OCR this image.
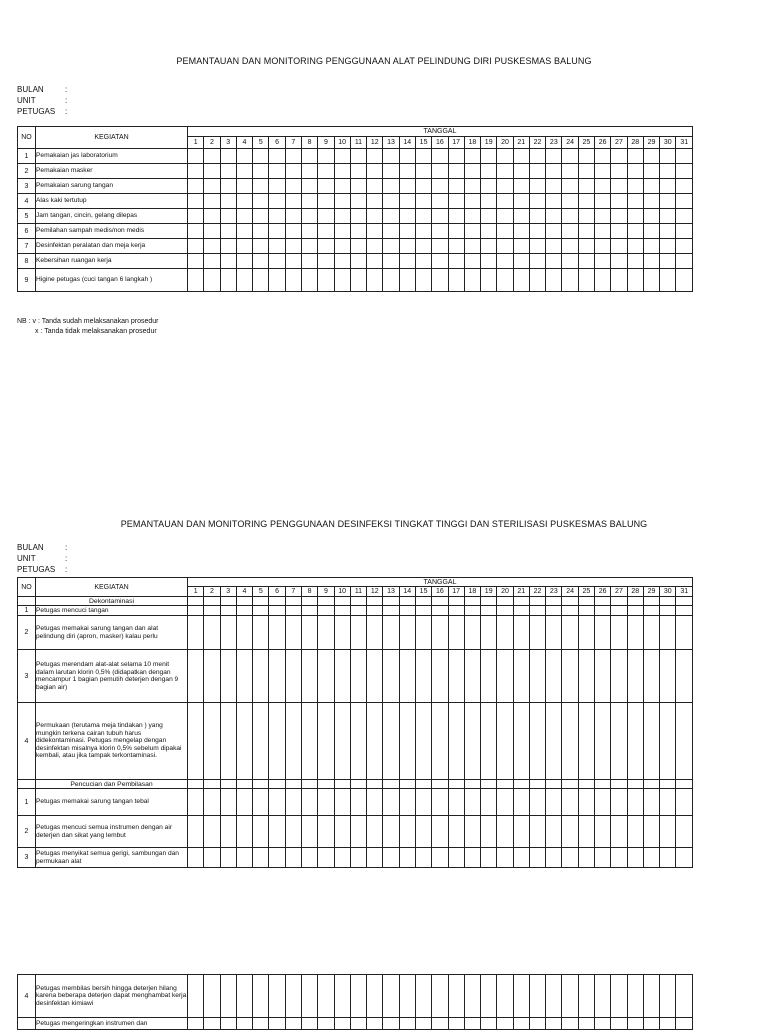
PEMANTAUAN DAN MONITORING PENGGUNAAN ALAT PELINDUNG DIRI PUSKESMAS BALUNG
BULAN	:
UNIT	:
PETUGAS	:
NO	KEGIATAN	TANGGAL																														
		1	2	3	4	5	6	7	8	9	10	11	12	13	14	15	16	17	18	19	20	21	22	23	24	25	26	27	28	29	30	31
1	Pemakaian jas laboratorium																															
2	Pemakaian masker																															
3	Pemakaian sarung tangan																															
4	Alas kaki tertutup																															
5	Jam tangan, cincin, gelang dilepas																															
6	Pemilahan sampah medis/non medis																															
7	Desinfektan peralatan dan meja kerja																															
8	Kebersihan ruangan kerja																															
9	Higine petugas (cuci tangan 6 langkah )																															
NB : v : Tanda sudah melaksanakan prosedur
x : Tanda tidak melaksanakan prosedur
PEMANTAUAN DAN MONITORING PENGGUNAAN DESINFEKSI TINGKAT TINGGI DAN STERILISASI PUSKESMAS BALUNG
BULAN	:
UNIT	:
PETUGAS	:
NO	KEGIATAN	TANGGAL																														
		1	2	3	4	5	6	7	8	9	10	11	12	13	14	15	16	17	18	19	20	21	22	23	24	25	26	27	28	29	30	31
	Dekontaminasi																															
1	Petugas mencuci tangan																															
2	Petugas memakai sarung tangan dan alat pelindung diri (apron, masker) kalau perlu																															
3	Petugas merendam alat-alat selama 10 menit dalam larutan klorin 0,5% (didapatkan dengan mencampur 1 bagian pemutih deterjen dengan 9 bagian air)																															
4	Permukaan (terutama meja tindakan ) yang mungkin terkena cairan tubuh harus didekontaminasi. Petugas mengelap dengan desinfektan misalnya klorin 0,5% sebelum dipakai kembali, atau jika tampak terkontaminasi.																															
	Pencucian dan Pembilasan																															
1	Petugas memakai sarung tangan tebal																															
2	Petugas mencuci semua instrumen dengan air deterjen dan sikat yang lembut																															
3	Petugas menyikat semua gerigi, sambungan dan permukaan alat																															
4	Petugas membilas bersih hingga deterjen hilang karena beberapa deterjen dapat menghambat kerja desinfektan kimiawi																															
	Petugas mengeringkan instrumen dan																															
